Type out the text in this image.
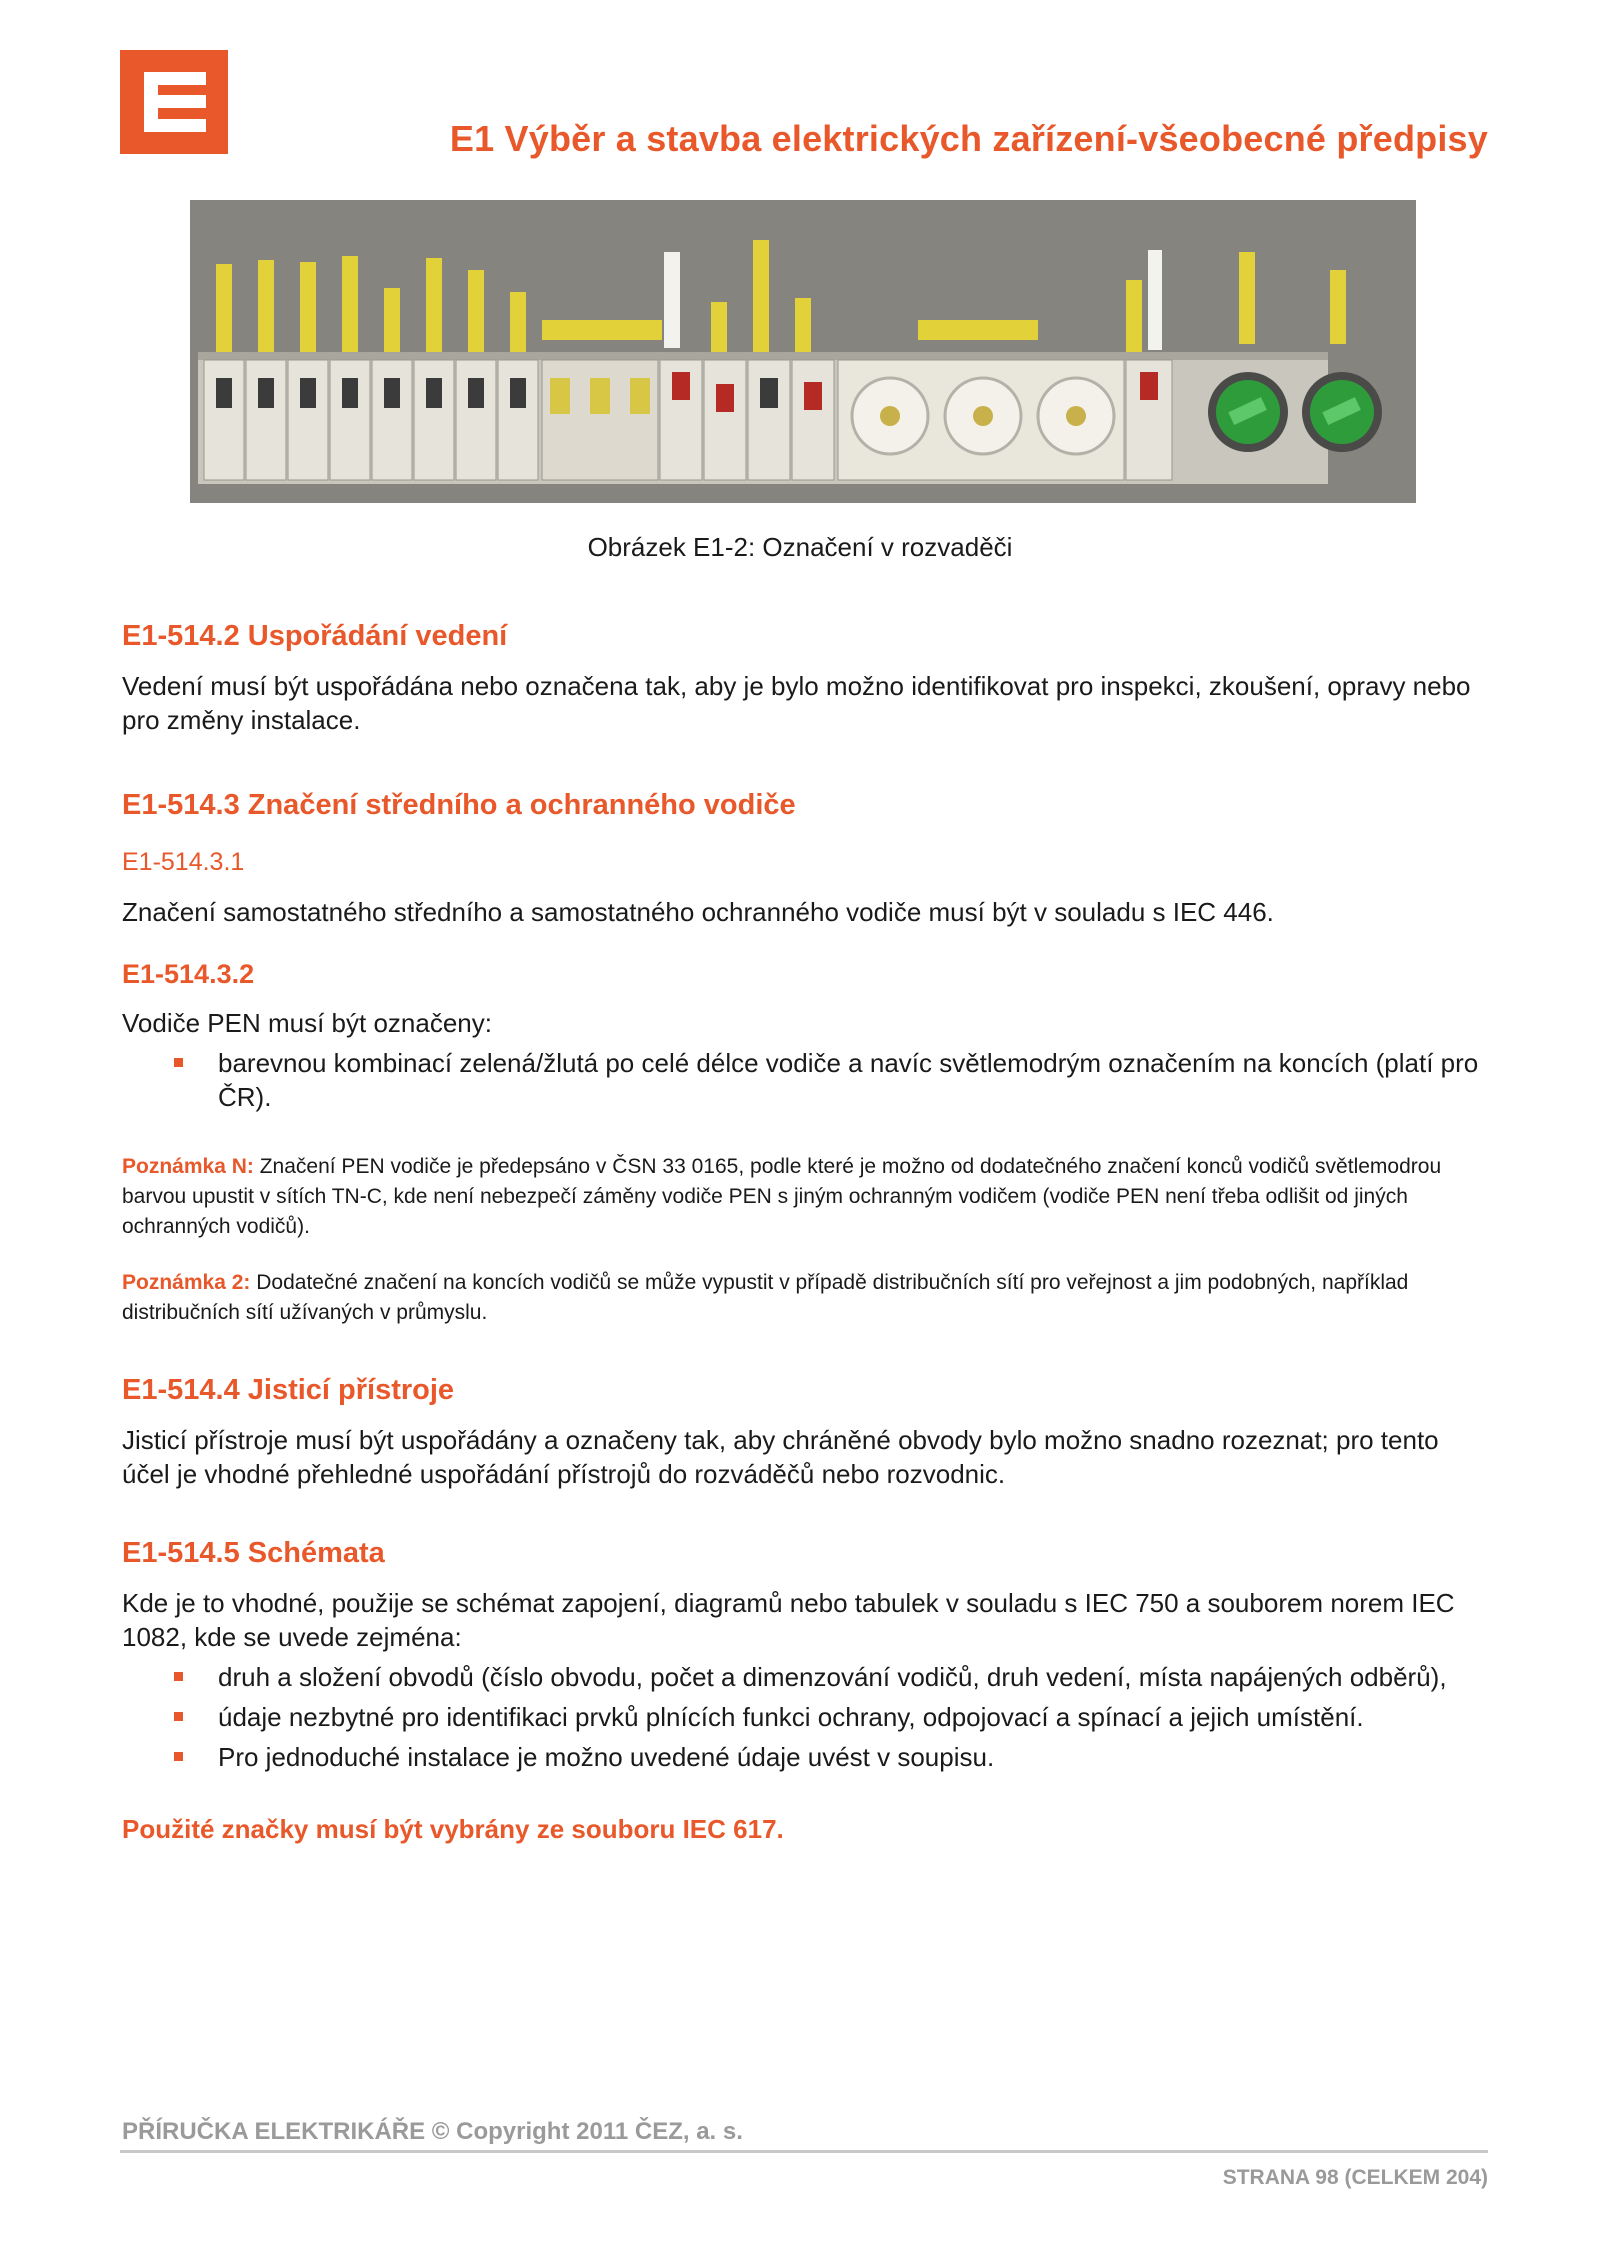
E1 Výběr a stavba elektrických zařízení-všeobecné předpisy
Obrázek E1-2: Označení v rozvaděči
E1-514.2 Uspořádání vedení

Vedení musí být uspořádána nebo označena tak, aby je bylo možno identifikovat pro inspekci, zkoušení, opravy nebo pro změny instalace.

E1-514.3 Značení středního a ochranného vodiče
E1-514.3.1

Značení samostatného středního a samostatného ochranného vodiče musí být v souladu s IEC 446.

E1-514.3.2

Vodiče PEN musí být označeny:

barevnou kombinací zelená/žlutá po celé délce vodiče a navíc světlemodrým označením na koncích (platí pro ČR).

Poznámka N: Značení PEN vodiče je předepsáno v ČSN 33 0165, podle které je možno od dodatečného značení konců vodičů světlemodrou barvou upustit v sítích TN-C, kde není nebezpečí záměny vodiče PEN s jiným ochranným vodičem (vodiče PEN není třeba odlišit od jiných ochranných vodičů).

Poznámka 2: Dodatečné značení na koncích vodičů se může vypustit v případě distribučních sítí pro veřejnost a jim podobných, například distribučních sítí užívaných v průmyslu.

E1-514.4 Jisticí přístroje

Jisticí přístroje musí být uspořádány a označeny tak, aby chráněné obvody bylo možno snadno rozeznat; pro tento účel je vhodné přehledné uspořádání přístrojů do rozváděčů nebo rozvodnic.

E1-514.5 Schémata

Kde je to vhodné, použije se schémat zapojení, diagramů nebo tabulek v souladu s IEC 750 a souborem norem IEC 1082, kde se uvede zejména:

druh a složení obvodů (číslo obvodu, počet a dimenzování vodičů, druh vedení, místa napájených odběrů),
údaje nezbytné pro identifikaci prvků plnících funkci ochrany, odpojovací a spínací a jejich umístění.
Pro jednoduché instalace je možno uvedené údaje uvést v soupisu.

Použité značky musí být vybrány ze souboru IEC 617.

PŘÍRUČKA ELEKTRIKÁŘE © Copyright 2011 ČEZ, a. s.
STRANA 98 (CELKEM 204)
